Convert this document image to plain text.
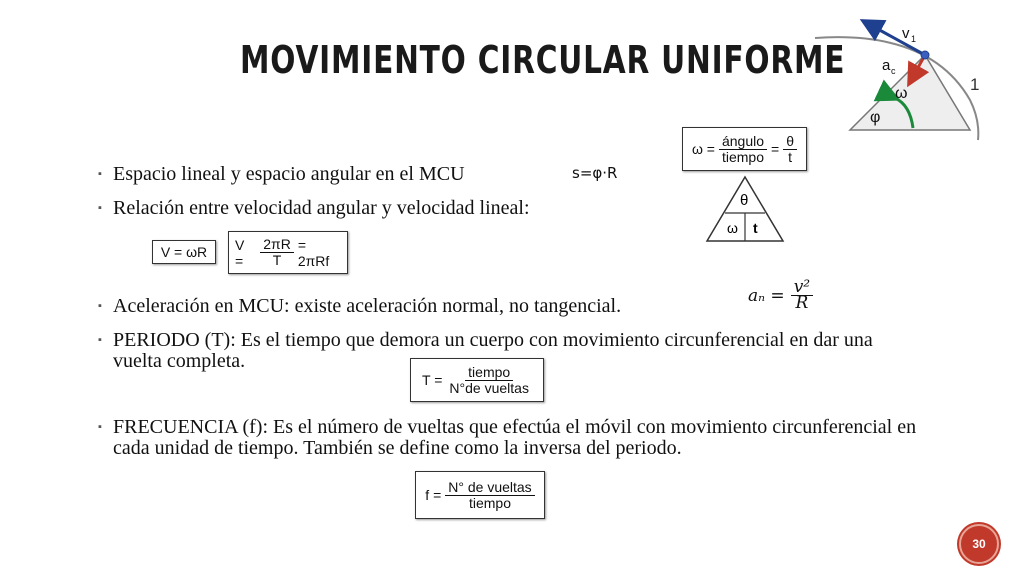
MOVIMIENTO CIRCULAR UNIFORME
v 1
a c
ω
φ
1
$\omega = \frac{\text{ángulo}}{\text{tiempo}} = \frac{\theta}{t}$
θ
ω t
▪ Espacio lineal y espacio angular en el MCU	s=φ·R
▪ Relación entre velocidad angular y velocidad lineal:
V = ωR V =	$\frac{2\pi R}{T} = 2\pi Rf$
▪ Aceleración en MCU: existe aceleración normal, no tangencial.	$a_n = \frac{\text{v²}}{R}$
▪ PERIODO (T): Es el tiempo que demora un cuerpo con movimiento circunferencial en dar una vuelta completa.
$T = \frac{\text{tiempo}}{\text{N°de vueltas}}$
▪ FRECUENCIA (f): Es el número de vueltas que efectúa el móvil con movimiento circunferencial en cada unidad de tiempo. También se define como la inversa del periodo.
$f = \frac{\text{N° de vueltas}}{\text{tiempo}}$
30
